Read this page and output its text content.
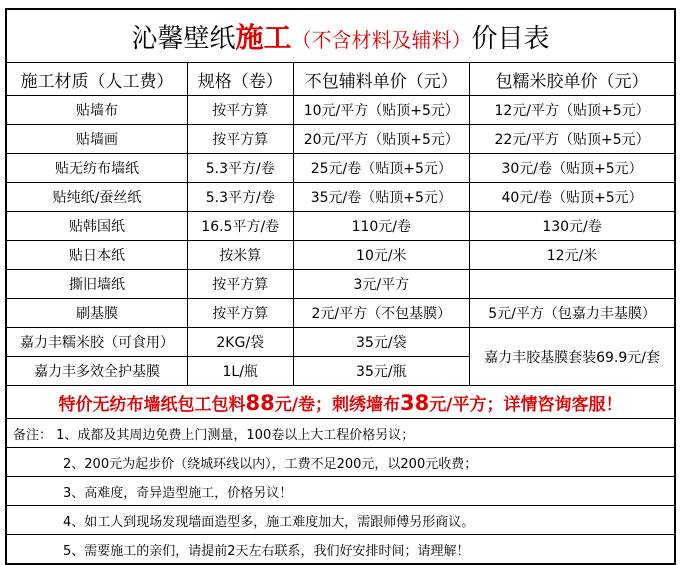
沁馨壁纸施工（不含材料及辅料）价目表			
施工材质（人工费）	规格（卷）	不包辅料单价（元）	包糯米胶单价（元）
贴墙布	按平方算	10元/平方（贴顶+5元）	12元/平方（贴顶+5元）
贴墙画	按平方算	20元/平方（贴顶+5元）	22元/平方（贴顶+5元）
贴无纺布墙纸	5.3平方/卷	25元/卷（贴顶+5元）	30元/卷（贴顶+5元）
贴纯纸/蚕丝纸	5.3平方/卷	35元/卷（贴顶+5元）	40元/卷（贴顶+5元）
贴韩国纸	16.5平方/卷	110元/卷	130元/卷
贴日本纸	按米算	10元/米	12元/米
撕旧墙纸	按平方算	3元/平方	
刷基膜	按平方算	2元/平方（不包基膜）	5元/平方（包嘉力丰基膜）
嘉力丰糯米胶（可食用）	2KG/袋	35元/袋	嘉力丰胶基膜套装69.9元/套
嘉力丰多效全护基膜	1L/瓶	35元/瓶	
特价无纺布墙纸包工包料88元/卷；刺绣墙布38元/平方；详情咨询客服！			
备注： 1、成都及其周边免费上门测量，100卷以上大工程价格另议；			
2、200元为起步价（绕城环线以内），工费不足200元，以200元收费；			
3、高难度，奇异造型施工，价格另议！			
4、如工人到现场发现墙面造型多，施工难度加大，需跟师傅另形商议。			
5、需要施工的亲们，请提前2天左右联系，我们好安排时间；请理解！			
